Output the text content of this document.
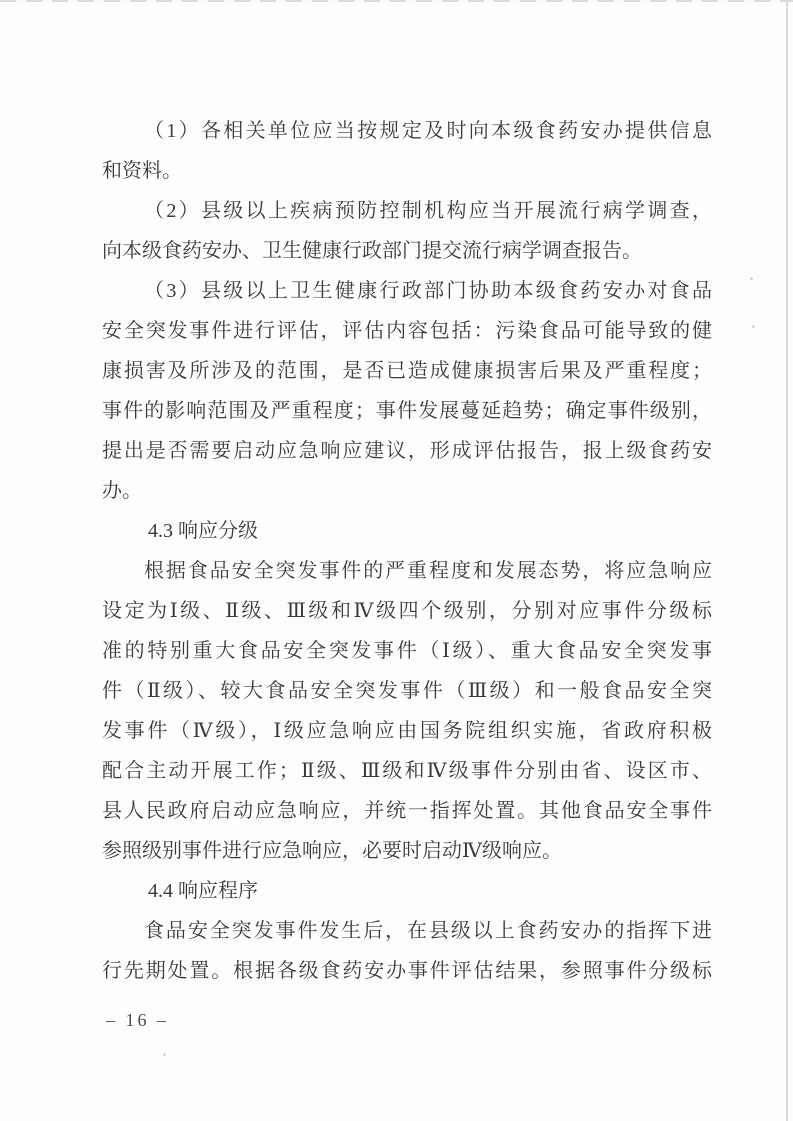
（1）各相关单位应当按规定及时向本级食药安办提供信息
和资料。
（2）县级以上疾病预防控制机构应当开展流行病学调查，
向本级食药安办、卫生健康行政部门提交流行病学调查报告。
（3）县级以上卫生健康行政部门协助本级食药安办对食品
安全突发事件进行评估，评估内容包括：污染食品可能导致的健
康损害及所涉及的范围，是否已造成健康损害后果及严重程度；
事件的影响范围及严重程度；事件发展蔓延趋势；确定事件级别，
提出是否需要启动应急响应建议，形成评估报告，报上级食药安
办。
4.3 响应分级
根据食品安全突发事件的严重程度和发展态势，将应急响应
设定为Ⅰ级、Ⅱ级、Ⅲ级和Ⅳ级四个级别，分别对应事件分级标
准的特别重大食品安全突发事件（Ⅰ级）、重大食品安全突发事
件（Ⅱ级）、较大食品安全突发事件（Ⅲ级）和一般食品安全突
发事件（Ⅳ级），Ⅰ级应急响应由国务院组织实施，省政府积极
配合主动开展工作；Ⅱ级、Ⅲ级和Ⅳ级事件分别由省、设区市、
县人民政府启动应急响应，并统一指挥处置。其他食品安全事件
参照级别事件进行应急响应，必要时启动Ⅳ级响应。
4.4 响应程序
食品安全突发事件发生后，在县级以上食药安办的指挥下进
行先期处置。根据各级食药安办事件评估结果，参照事件分级标
– 16 –
